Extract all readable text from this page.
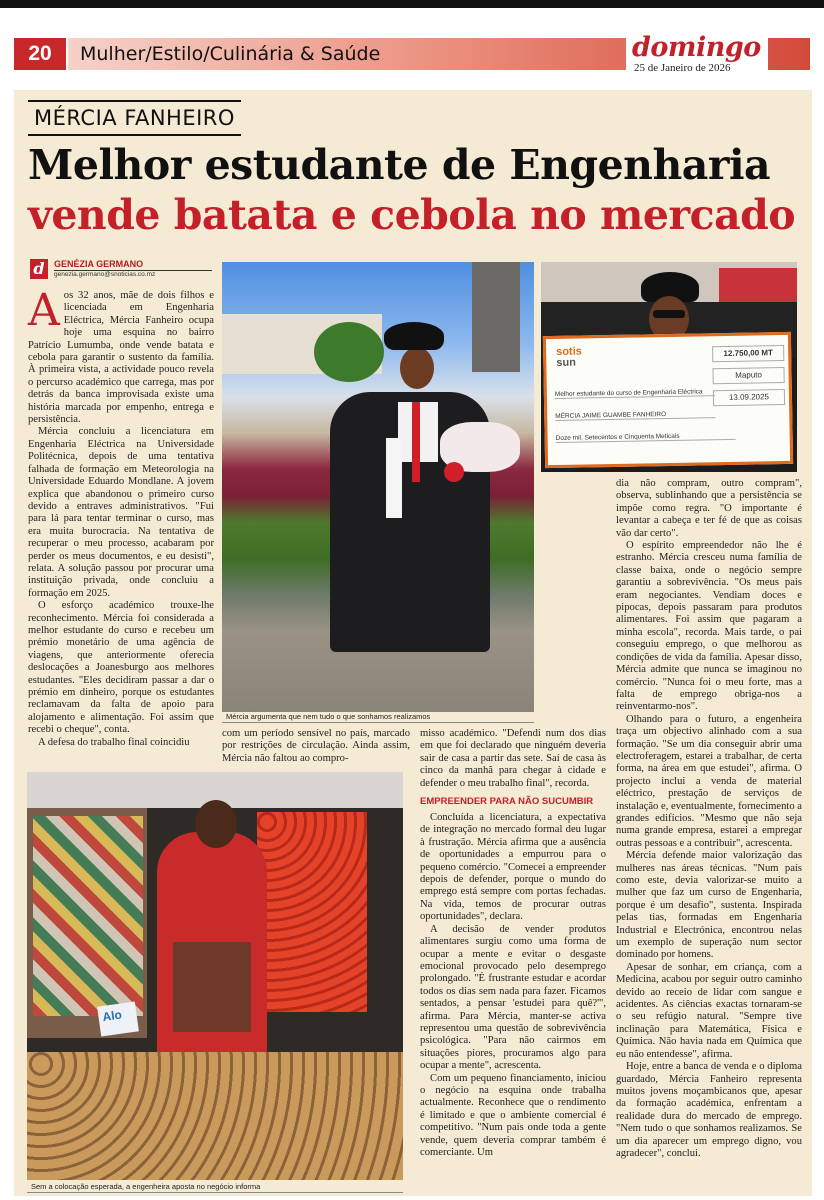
20	Mulher/Estilo/Culinária & Saúde	domingo
25 de Janeiro de 2026
MÉRCIA FANHEIRO
Melhor estudante de Engenharia
vende batata e cebola no mercado
d	GENÉZIA GERMANO
genezia.germano@snoticias.co.mz

Aos 32 anos, mãe de dois filhos e licenciada em Engenharia Eléctrica, Mércia Fanheiro ocupa hoje uma esquina no bairro Patrício Lumumba, onde vende batata e cebola para garantir o sustento da família. À primeira vista, a actividade pouco revela o percurso académico que carrega, mas por detrás da banca improvisada existe uma história marcada por empenho, entrega e persistência.

Mércia concluiu a licenciatura em Engenharia Eléctrica na Universidade Politécnica, depois de uma tentativa falhada de formação em Meteorologia na Universidade Eduardo Mondlane. A jovem explica que abandonou o primeiro curso devido a entraves administrativos. "Fui para lá para tentar terminar o curso, mas era muita burocracia. Na tentativa de recuperar o meu processo, acabaram por perder os meus documentos, e eu desisti", relata. A solução passou por procurar uma instituição privada, onde concluiu a formação em 2025.

O esforço académico trouxe-lhe reconhecimento. Mércia foi considerada a melhor estudante do curso e recebeu um prémio monetário de uma agência de viagens, que anteriormente oferecia deslocações a Joanesburgo aos melhores estudantes. "Eles decidiram passar a dar o prémio em dinheiro, porque os estudantes reclamavam da falta de apoio para alojamento e alimentação. Foi assim que recebi o cheque", conta.

A defesa do trabalho final coincidiu

Mércia argumenta que nem tudo o que sonhamos realizamos
sotis
sun
12.750,00 MT
Maputo
13.09.2025
Melhor estudante do curso de Engenharia Eléctrica
MÉRCIA JAIME GUAMBE FANHEIRO
Doze mil, Setecentos e Cinquenta Meticais

com um período sensível no país, marcado por restrições de circulação. Ainda assim, Mércia não faltou ao compro-

misso académico. "Defendi num dos dias em que foi declarado que ninguém deveria sair de casa a partir das sete. Saí de casa às cinco da manhã para chegar à cidade e defender o meu trabalho final", recorda.

EMPREENDER PARA NÃO SUCUMBIR

Concluída a licenciatura, a expectativa de integração no mercado formal deu lugar à frustração. Mércia afirma que a ausência de oportunidades a empurrou para o pequeno comércio. "Comecei a empreender depois de defender, porque o mundo do emprego está sempre com portas fechadas. Na vida, temos de procurar outras oportunidades", declara.

A decisão de vender produtos alimentares surgiu como uma forma de ocupar a mente e evitar o desgaste emocional provocado pelo desemprego prolongado. "É frustrante estudar e acordar todos os dias sem nada para fazer. Ficamos sentados, a pensar 'estudei para quê?'", afirma. Para Mércia, manter-se activa representou uma questão de sobrevivência psicológica. "Para não cairmos em situações piores, procuramos algo para ocupar a mente", acrescenta.

Com um pequeno financiamento, iniciou o negócio na esquina onde trabalha actualmente. Reconhece que o rendimento é limitado e que o ambiente comercial é competitivo. "Num país onde toda a gente vende, quem deveria comprar também é comerciante. Um

dia não compram, outro compram", observa, sublinhando que a persistência se impõe como regra. "O importante é levantar a cabeça e ter fé de que as coisas vão dar certo".

O espírito empreendedor não lhe é estranho. Mércia cresceu numa família de classe baixa, onde o negócio sempre garantiu a sobrevivência. "Os meus pais eram negociantes. Vendiam doces e pipocas, depois passaram para produtos alimentares. Foi assim que pagaram a minha escola", recorda. Mais tarde, o pai conseguiu emprego, o que melhorou as condições de vida da família. Apesar disso, Mércia admite que nunca se imaginou no comércio. "Nunca foi o meu forte, mas a falta de emprego obriga-nos a reinventarmo-nos".

Olhando para o futuro, a engenheira traça um objectivo alinhado com a sua formação. "Se um dia conseguir abrir uma electroferagem, estarei a trabalhar, de certa forma, na área em que estudei", afirma. O projecto inclui a venda de material eléctrico, prestação de serviços de instalação e, eventualmente, fornecimento a grandes edifícios. "Mesmo que não seja numa grande empresa, estarei a empregar outras pessoas e a contribuir", acrescenta.

Mércia defende maior valorização das mulheres nas áreas técnicas. "Num país como este, devia valorizar-se muito a mulher que faz um curso de Engenharia, porque é um desafio", sustenta. Inspirada pelas tias, formadas em Engenharia Industrial e Electrónica, encontrou nelas um exemplo de superação num sector dominado por homens.

Apesar de sonhar, em criança, com a Medicina, acabou por seguir outro caminho devido ao receio de lidar com sangue e acidentes. As ciências exactas tornaram-se o seu refúgio natural. "Sempre tive inclinação para Matemática, Física e Química. Não havia nada em Química que eu não entendesse", afirma.

Hoje, entre a banca de venda e o diploma guardado, Mércia Fanheiro representa muitos jovens moçambicanos que, apesar da formação académica, enfrentam a realidade dura do mercado de emprego. "Nem tudo o que sonhamos realizamos. Se um dia aparecer um emprego digno, vou agradecer", conclui.

Alo
Sem a colocação esperada, a engenheira aposta no negócio informa
